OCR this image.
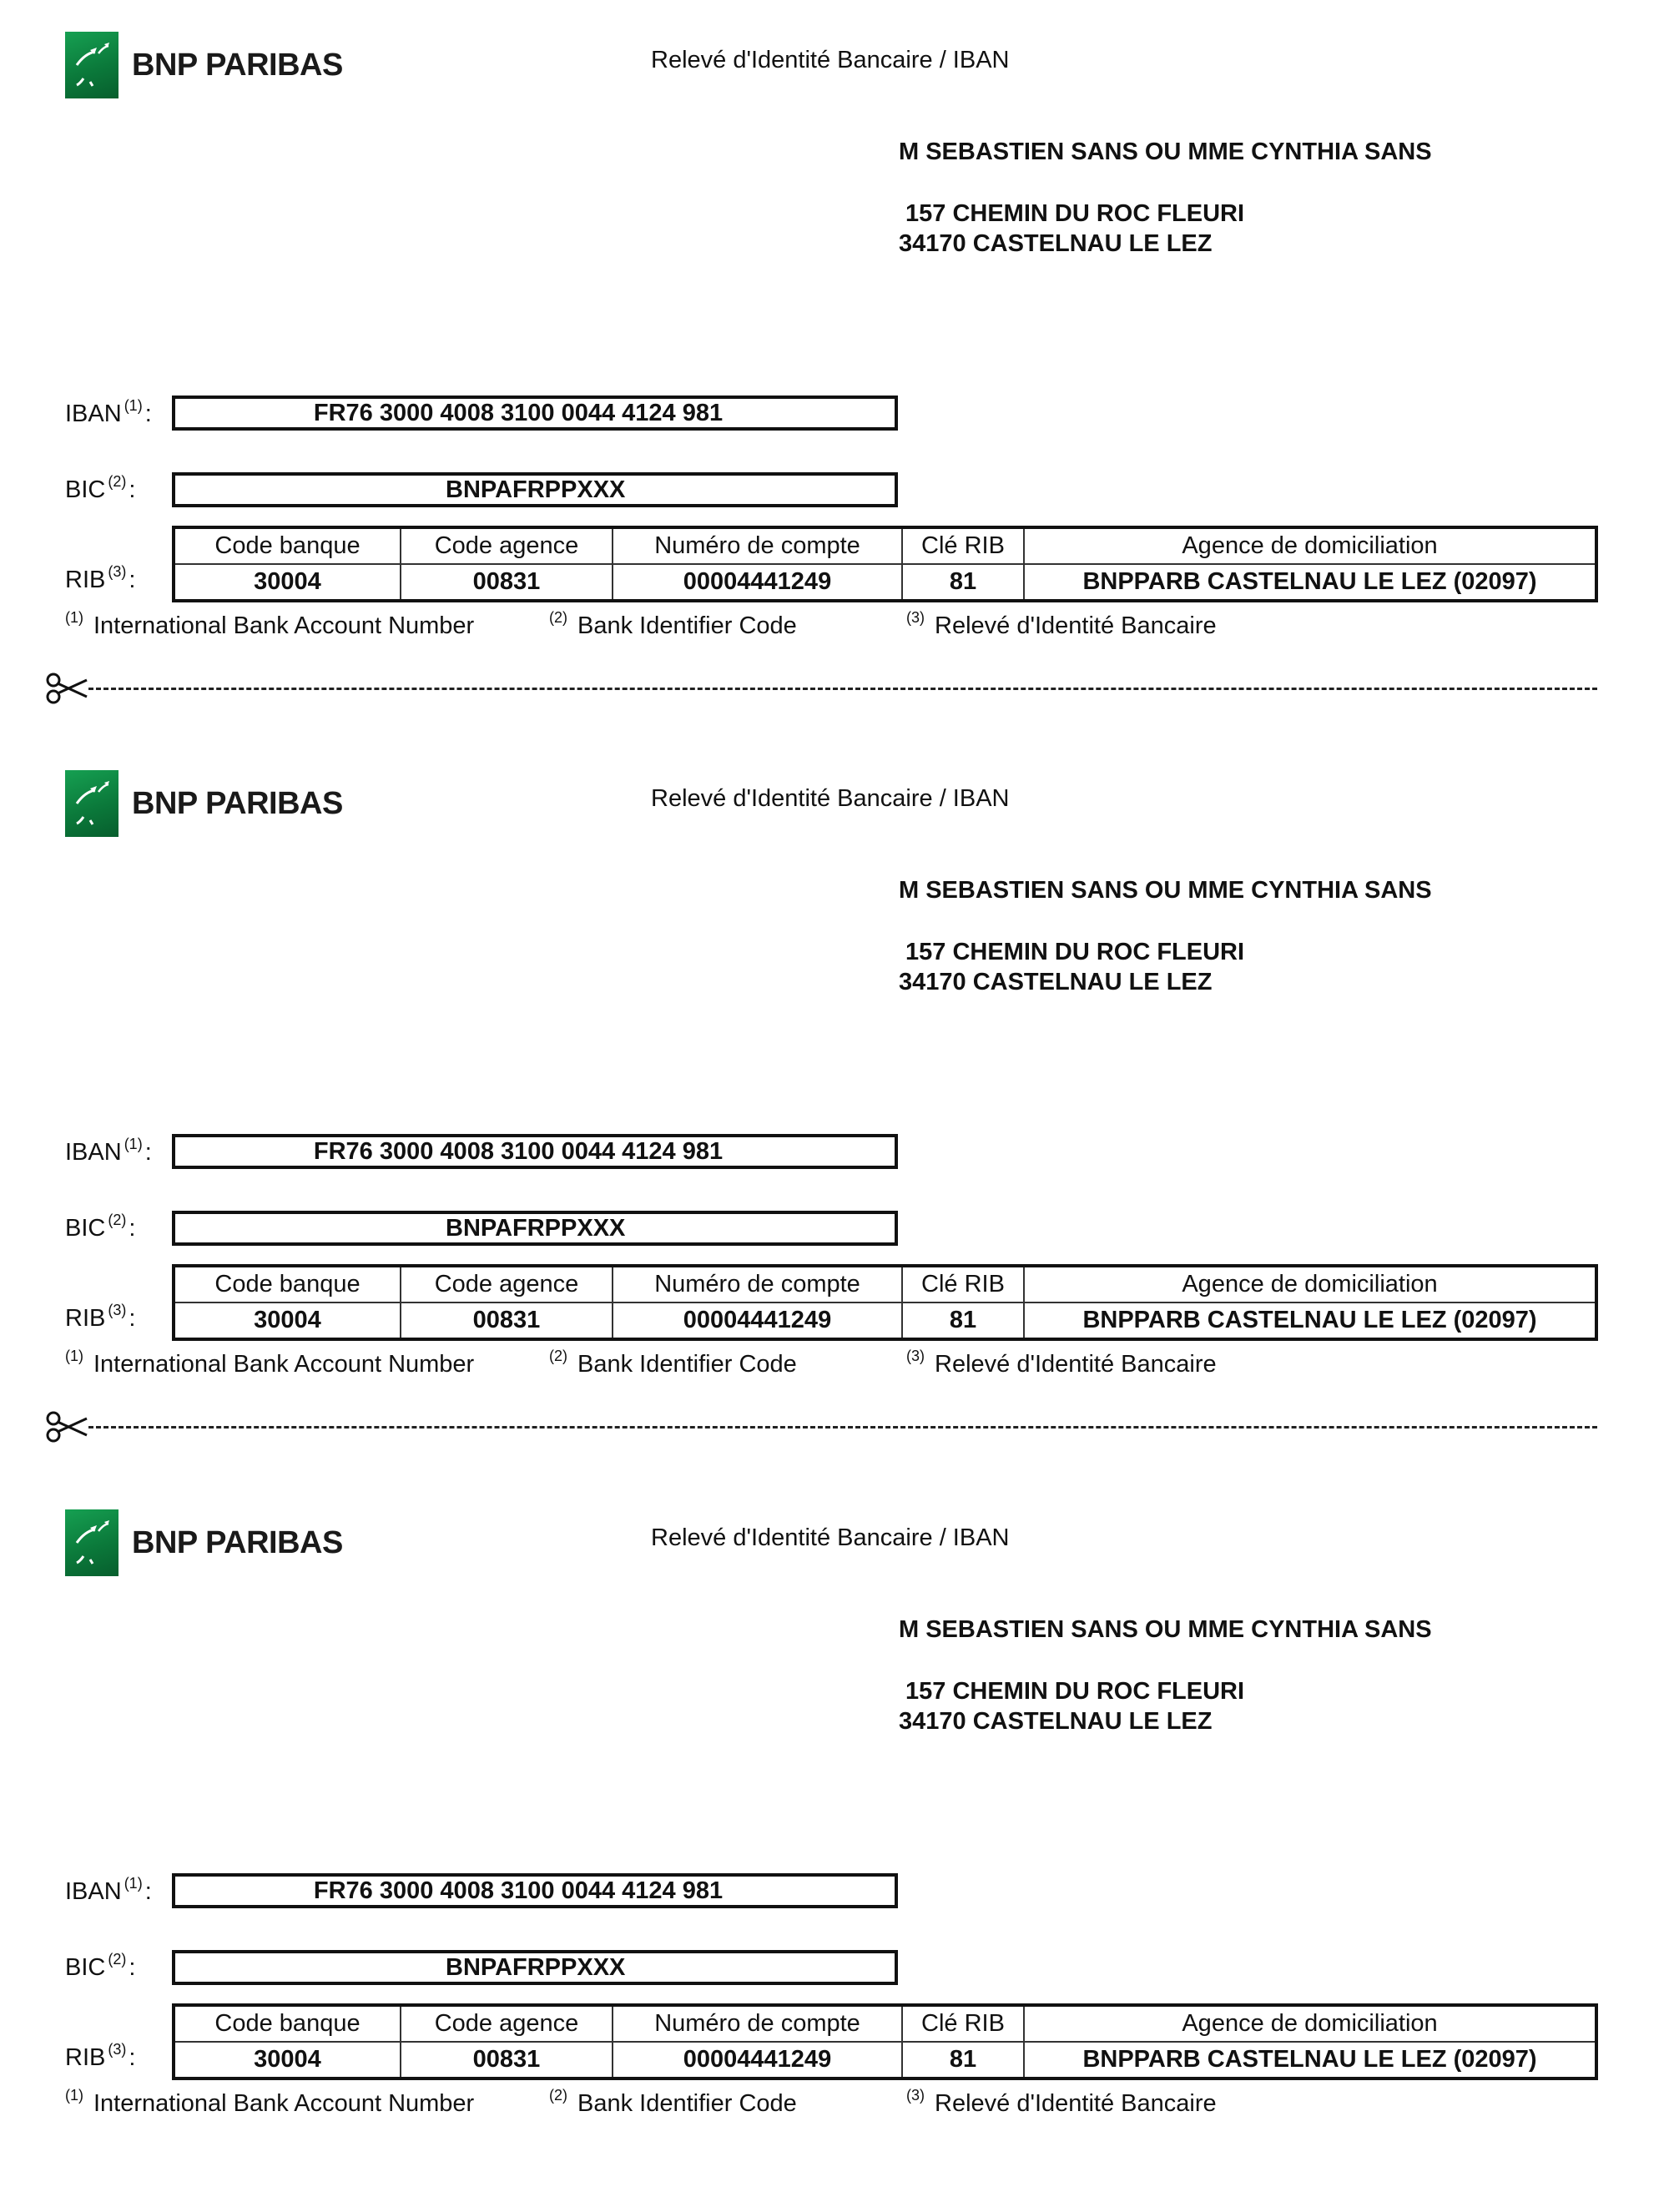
BNP PARIBAS	Relevé d'Identité Bancaire / IBAN
M SEBASTIEN SANS OU MME CYNTHIA SANS
157 CHEMIN DU ROC FLEURI
34170 CASTELNAU LE LEZ
IBAN $^{(1)}$ :	FR76 3000 4008 3100 0044 4124 981
BIC $^{(2)}$ :	BNPAFRPPXXX
RIB $^{(3)}$ :
Code banque	Code agence	Numéro de compte	Clé RIB	Agence de domiciliation
30004	00831	00004441249	81	BNPPARB CASTELNAU LE LEZ (02097)
$^{(1)}$ International Bank Account Number	$^{(2)}$ Bank Identifier Code	$^{(3)}$ Relevé d'Identité Bancaire
BNP PARIBAS	Relevé d'Identité Bancaire / IBAN
M SEBASTIEN SANS OU MME CYNTHIA SANS
157 CHEMIN DU ROC FLEURI
34170 CASTELNAU LE LEZ
IBAN $^{(1)}$ :	FR76 3000 4008 3100 0044 4124 981
BIC $^{(2)}$ :	BNPAFRPPXXX
RIB $^{(3)}$ :
Code banque	Code agence	Numéro de compte	Clé RIB	Agence de domiciliation
30004	00831	00004441249	81	BNPPARB CASTELNAU LE LEZ (02097)
$^{(1)}$ International Bank Account Number	$^{(2)}$ Bank Identifier Code	$^{(3)}$ Relevé d'Identité Bancaire
BNP PARIBAS	Relevé d'Identité Bancaire / IBAN
M SEBASTIEN SANS OU MME CYNTHIA SANS
157 CHEMIN DU ROC FLEURI
34170 CASTELNAU LE LEZ
IBAN $^{(1)}$ :	FR76 3000 4008 3100 0044 4124 981
BIC $^{(2)}$ :	BNPAFRPPXXX
RIB $^{(3)}$ :
Code banque	Code agence	Numéro de compte	Clé RIB	Agence de domiciliation
30004	00831	00004441249	81	BNPPARB CASTELNAU LE LEZ (02097)
$^{(1)}$ International Bank Account Number	$^{(2)}$ Bank Identifier Code	$^{(3)}$ Relevé d'Identité Bancaire
